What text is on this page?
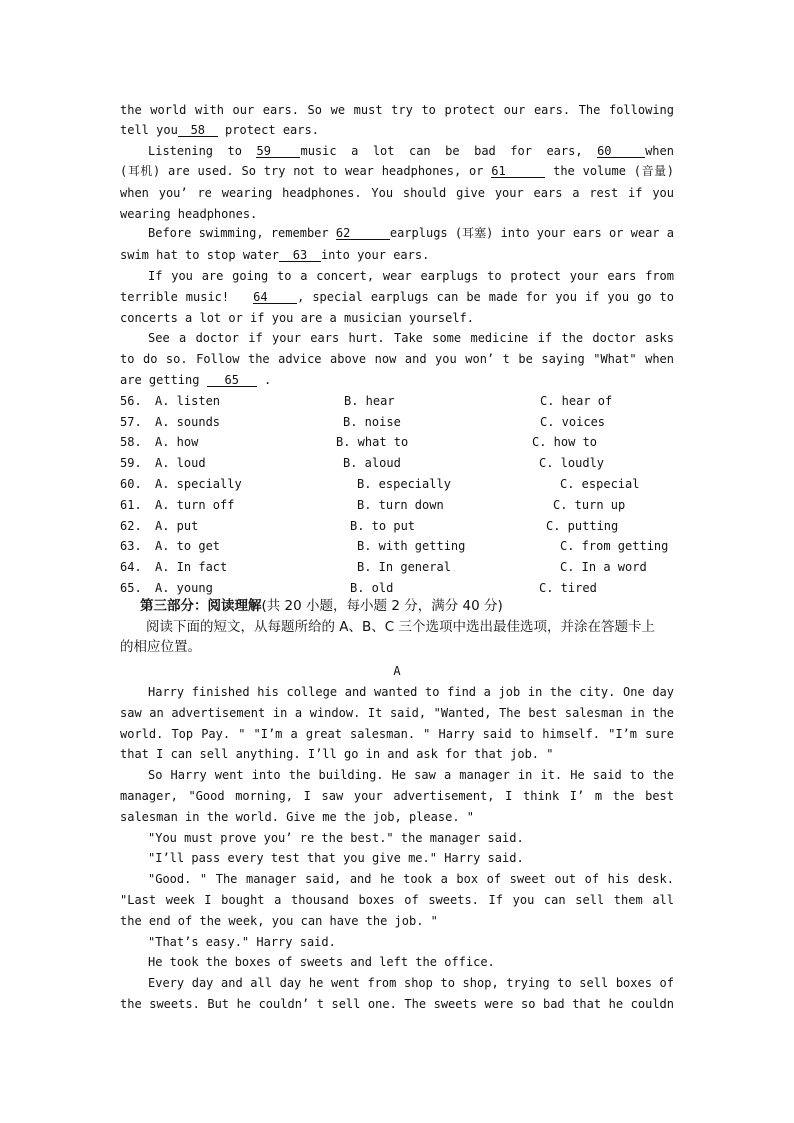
the world with our ears. So we must try to protect our ears. The following
tell you 58 protect ears.
Listening to 59 music a lot can be bad for ears, 60	when
(耳机) are used. So try not to wear headphones, or 61	the volume (音量)
when you’ re wearing headphones. You should give your ears a rest if you
wearing headphones.
Before swimming, remember 62	earplugs (耳塞) into your ears or wear a
swim hat to stop water 63 into your ears.
If you are going to a concert, wear earplugs to protect your ears from
terrible music! 64 , special earplugs can be made for you if you go to
concerts a lot or if you are a musician yourself.
See a doctor if your ears hurt. Take some medicine if the doctor asks
to do so. Follow the advice above now and you won’ t be saying "What" when
are getting 65 .
56. A. listen	B. hear	C. hear of
57. A. sounds	B. noise	C. voices
58. A. how	B. what to	C. how to
59. A. loud	B. aloud	C. loudly
60. A. specially	B. especially	C. especial
61. A. turn off	B. turn down	C. turn up
62. A. put	B. to put	C. putting
63. A. to get	B. with getting	C. from getting
64. A. In fact	B. In general	C. In a word
65. A. young	B. old	C. tired
第三部分：阅读理解(共 20 小题，每小题 2 分，满分 40 分)
阅读下面的短文，从每题所给的 A、B、C 三个选项中选出最佳选项，并涂在答题卡上
的相应位置。
A
Harry finished his college and wanted to find a job in the city. One day
saw an advertisement in a window. It said, "Wanted, The best salesman in the
world. Top Pay. " "I’m a great salesman. " Harry said to himself. "I’m sure
that I can sell anything. I’ll go in and ask for that job. "
So Harry went into the building. He saw a manager in it. He said to the
manager, "Good morning, I saw your advertisement, I think I’ m the best
salesman in the world. Give me the job, please. "
"You must prove you’ re the best." the manager said.
"I’ll pass every test that you give me." Harry said.
"Good. " The manager said, and he took a box of sweet out of his desk.
"Last week I bought a thousand boxes of sweets. If you can sell them all
the end of the week, you can have the job. "
"That’s easy." Harry said.
He took the boxes of sweets and left the office.
Every day and all day he went from shop to shop, trying to sell boxes of
the sweets. But he couldn’ t sell one. The sweets were so bad that he couldn
